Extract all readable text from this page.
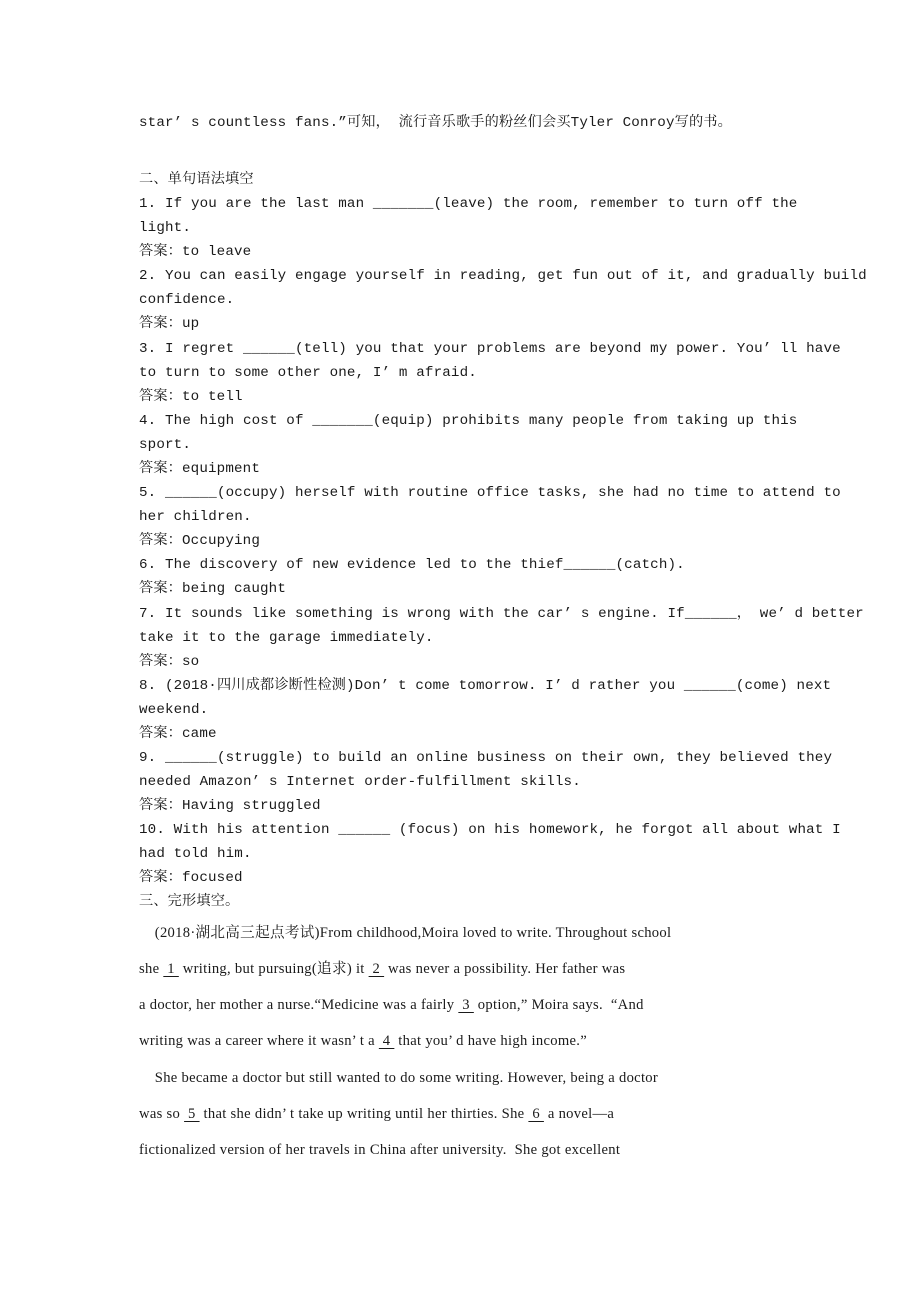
star’ s countless fans.”可知， 流行音乐歌手的粉丝们会买Tyler Conroy写的书。
二、单句语法填空
1. If you are the last man _______(leave) the room, remember to turn off the
light.
答案：to leave
2. You can easily engage yourself in reading, get fun out of it, and gradually build
confidence.
答案：up
3. I regret ______(tell) you that your problems are beyond my power. You’ ll have
to turn to some other one, I’ m afraid.
答案：to tell
4. The high cost of _______(equip) prohibits many people from taking up this
sport.
答案：equipment
5. ______(occupy) herself with routine office tasks, she had no time to attend to
her children.
答案：Occupying
6. The discovery of new evidence led to the thief______(catch).
答案：being caught
7. It sounds like something is wrong with the car’ s engine. If______， we’ d better
take it to the garage immediately.
答案：so
8. (2018·四川成都诊断性检测)Don’ t come tomorrow. I’ d rather you ______(come) next
weekend.
答案：came
9. ______(struggle) to build an online business on their own, they believed they
needed Amazon’ s Internet order-fulfillment skills.
答案：Having struggled
10. With his attention ______ (focus) on his homework, he forgot all about what I
had told him.
答案：focused
三、完形填空。
(2018·湖北高三起点考试)From childhood,Moira loved to write. Throughout school
she  1  writing, but pursuing(追求) it  2  was never a possibility. Her father was
a doctor, her mother a nurse.“Medicine was a fairly  3  option,” Moira says.  “And
writing was a career where it wasn’ t a  4  that you’ d have high income.”
She became a doctor but still wanted to do some writing. However, being a doctor
was so  5  that she didn’ t take up writing until her thirties. She  6  a novel—a
fictionalized version of her travels in China after university.  She got excellent
